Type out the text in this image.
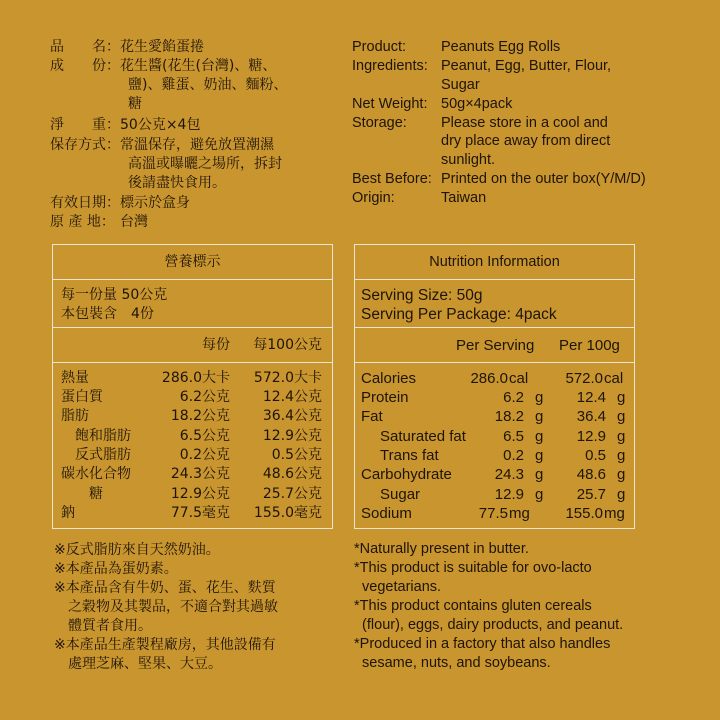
品　　名： 花生愛餡蛋捲
成　　份： 花生醬(花生(台灣)、糖、
鹽)、雞蛋、奶油、麵粉、
糖
淨　　重： 50公克×4包
保存方式： 常溫保存，避免放置潮濕
高溫或曝曬之場所，拆封
後請盡快食用。
有效日期： 標示於盒身
原 產 地： 台灣
Product: Peanuts Egg Rolls
Ingredients: Peanut, Egg, Butter, Flour,
Sugar
Net Weight: 50g×4pack
Storage: Please store in a cool and
dry place away from direct
sunlight.
Best Before: Printed on the outer box(Y/M/D)
Origin:	Taiwan
營養標示
每一份量 50公克
本包裝含　4份
每份	每100公克
熱量	286.0大卡	572.0大卡
蛋白質	6.2公克	12.4公克
脂肪	18.2公克	36.4公克
飽和脂肪	6.5公克	12.9公克
反式脂肪	0.2公克	0.5公克
碳水化合物	24.3公克	48.6公克
糖	12.9公克	25.7公克
鈉	77.5毫克	155.0毫克
Nutrition Information
Serving Size: 50g
Serving Per Package: 4pack
Per Serving Per 100g
Calories	286.0 cal	572.0 cal
Protein	6.2 g	12.4 g
Fat	18.2 g	36.4 g
Saturated fat	6.5 g	12.9 g
Trans fat	0.2 g	0.5 g
Carbohydrate	24.3 g	48.6 g
Sugar	12.9 g	25.7 g
Sodium	77.5 mg	155.0 mg
※反式脂肪來自天然奶油。
※本產品為蛋奶素。
※本產品含有牛奶、蛋、花生、麩質
　之穀物及其製品，不適合對其過敏
　體質者食用。
※本產品生產製程廠房，其他設備有
　處理芝麻、堅果、大豆。
*Naturally present in butter.
*This product is suitable for ovo-lacto
vegetarians.
*This product contains gluten cereals
(flour), eggs, dairy products, and peanut.
*Produced in a factory that also handles
sesame, nuts, and soybeans.
